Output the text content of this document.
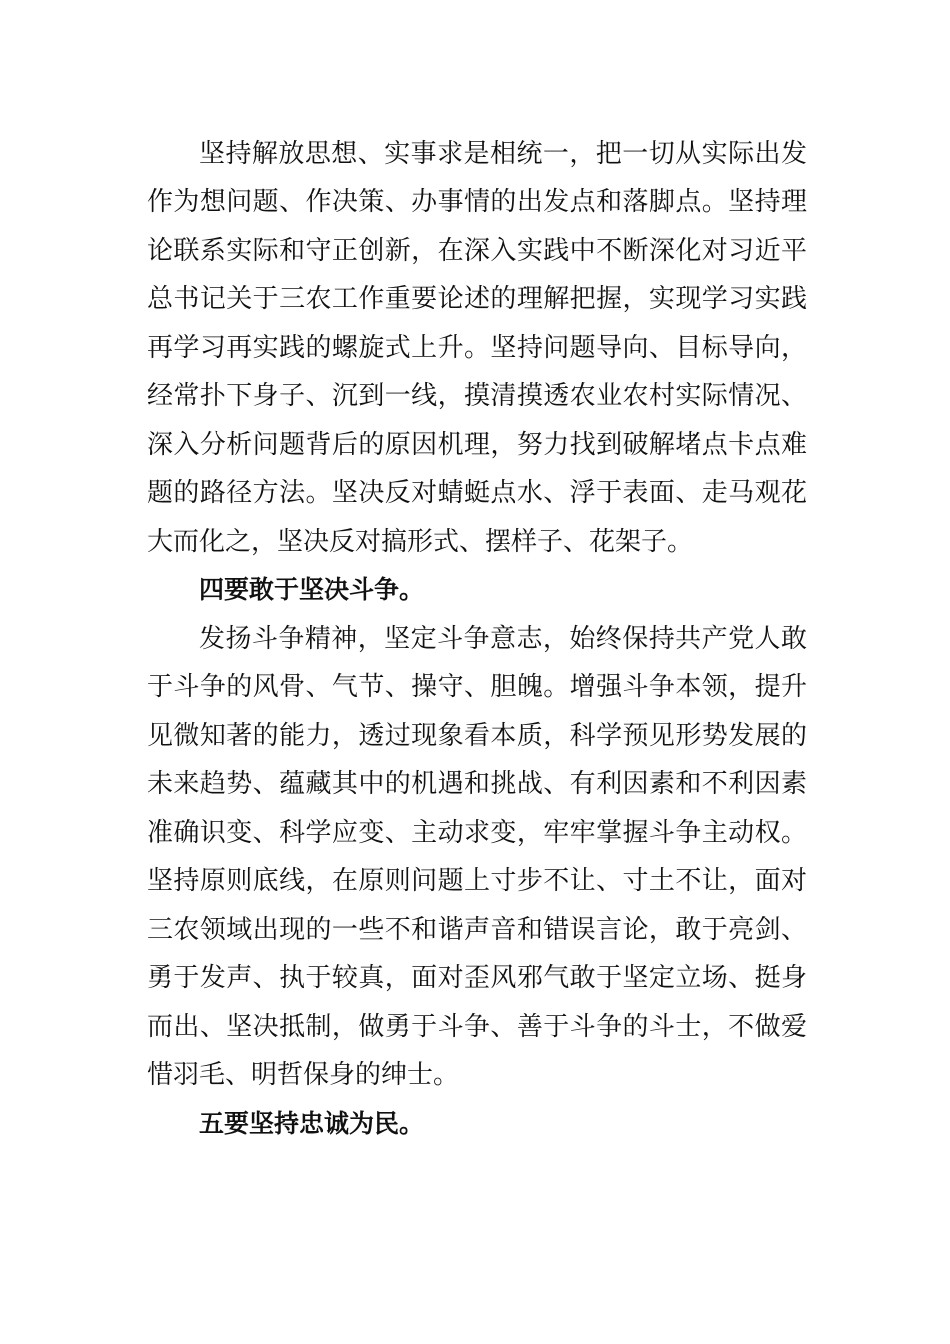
坚持解放思想、实事求是相统一，把一切从实际出发
作为想问题、作决策、办事情的出发点和落脚点。坚持理
论联系实际和守正创新，在深入实践中不断深化对习近平
总书记关于三农工作重要论述的理解把握，实现学习实践
再学习再实践的螺旋式上升。坚持问题导向、目标导向，
经常扑下身子、沉到一线，摸清摸透农业农村实际情况、
深入分析问题背后的原因机理，努力找到破解堵点卡点难
题的路径方法。坚决反对蜻蜓点水、浮于表面、走马观花
大而化之，坚决反对搞形式、摆样子、花架子。
四要敢于坚决斗争。
发扬斗争精神，坚定斗争意志，始终保持共产党人敢
于斗争的风骨、气节、操守、胆魄。增强斗争本领，提升
见微知著的能力，透过现象看本质，科学预见形势发展的
未来趋势、蕴藏其中的机遇和挑战、有利因素和不利因素
准确识变、科学应变、主动求变，牢牢掌握斗争主动权。
坚持原则底线，在原则问题上寸步不让、寸土不让，面对
三农领域出现的一些不和谐声音和错误言论，敢于亮剑、
勇于发声、执于较真，面对歪风邪气敢于坚定立场、挺身
而出、坚决抵制，做勇于斗争、善于斗争的斗士，不做爱
惜羽毛、明哲保身的绅士。
五要坚持忠诚为民。
